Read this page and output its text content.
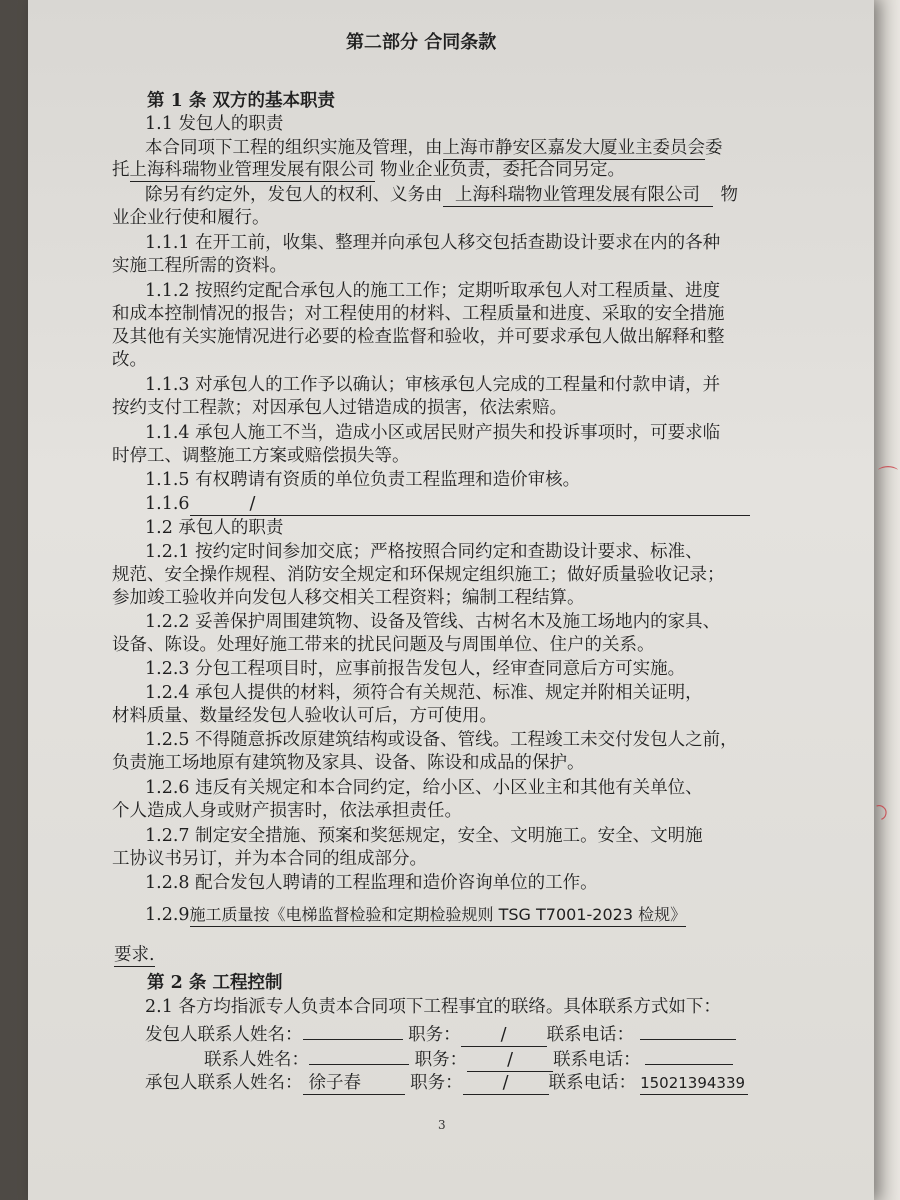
⌒
◠
第二部分 合同条款
第 1 条 双方的基本职责
1.1 发包人的职责
本合同项下工程的组织实施及管理，由上海市静安区嘉发大厦业主委员会委
托上海科瑞物业管理发展有限公司 物业企业负责，委托合同另定。
除另有约定外，发包人的权利、义务由 上海科瑞物业管理发展有限公司 物
业企业行使和履行。
1.1.1 在开工前，收集、整理并向承包人移交包括查勘设计要求在内的各种
实施工程所需的资料。
1.1.2 按照约定配合承包人的施工工作；定期听取承包人对工程质量、进度
和成本控制情况的报告；对工程使用的材料、工程质量和进度、采取的安全措施
及其他有关实施情况进行必要的检查监督和验收，并可要求承包人做出解释和整
改。
1.1.3 对承包人的工作予以确认；审核承包人完成的工程量和付款申请，并
按约支付工程款；对因承包人过错造成的损害，依法索赔。
1.1.4 承包人施工不当，造成小区或居民财产损失和投诉事项时，可要求临
时停工、调整施工方案或赔偿损失等。
1.1.5 有权聘请有资质的单位负责工程监理和造价审核。
1.1.6	/
1.2 承包人的职责
1.2.1 按约定时间参加交底；严格按照合同约定和查勘设计要求、标准、
规范、安全操作规程、消防安全规定和环保规定组织施工；做好质量验收记录；
参加竣工验收并向发包人移交相关工程资料；编制工程结算。
1.2.2 妥善保护周围建筑物、设备及管线、古树名木及施工场地内的家具、
设备、陈设。处理好施工带来的扰民问题及与周围单位、住户的关系。
1.2.3 分包工程项目时，应事前报告发包人，经审查同意后方可实施。
1.2.4 承包人提供的材料，须符合有关规范、标准、规定并附相关证明，
材料质量、数量经发包人验收认可后，方可使用。
1.2.5 不得随意拆改原建筑结构或设备、管线。工程竣工未交付发包人之前，
负责施工场地原有建筑物及家具、设备、陈设和成品的保护。
1.2.6 违反有关规定和本合同约定，给小区、小区业主和其他有关单位、
个人造成人身或财产损害时，依法承担责任。
1.2.7 制定安全措施、预案和奖惩规定，安全、文明施工。安全、文明施
工协议书另订，并为本合同的组成部分。
1.2.8 配合发包人聘请的工程监理和造价咨询单位的工作。
1.2.9施工质量按《电梯监督检验和定期检验规则 TSG T7001-2023 检规》
要求.
第 2 条 工程控制
2.1 各方均指派专人负责本合同项下工程事宜的联络。具体联系方式如下：
发包人联系人姓名：	职务： / 联系电话：
联系人姓名：	职务： / 联系电话：
承包人联系人姓名： 徐子春	职务： / 联系电话： 15021394339
3
